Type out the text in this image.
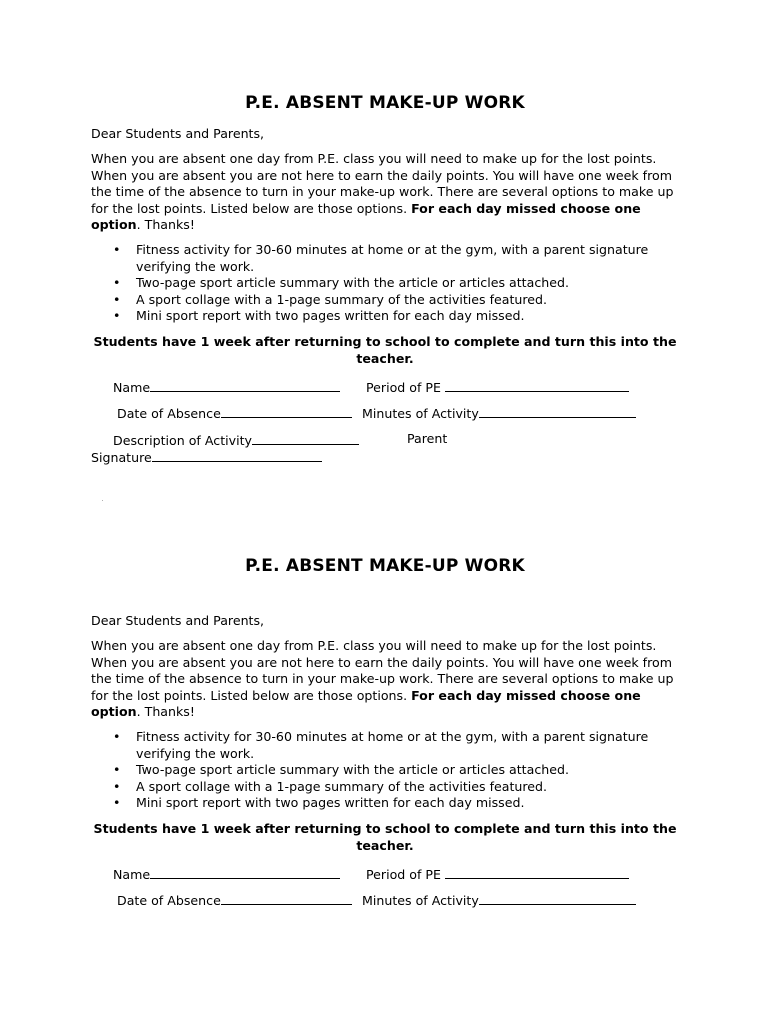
P.E. ABSENT MAKE-UP WORK
Dear Students and Parents,
When you are absent one day from P.E. class you will need to make up for the lost points.
When you are absent you are not here to earn the daily points. You will have one week from
the time of the absence to turn in your make-up work. There are several options to make up
for the lost points. Listed below are those options. For each day missed choose one
option. Thanks!
• Fitness activity for 30-60 minutes at home or at the gym, with a parent signature verifying the work.
• Two-page sport article summary with the article or articles attached.
• A sport collage with a 1-page summary of the activities featured.
• Mini sport report with two pages written for each day missed.
Students have 1 week after returning to school to complete and turn this into the
teacher.
Name	Period of PE
Date of Absence	Minutes of Activity
Description of Activity	Parent
Signature
P.E. ABSENT MAKE-UP WORK
Dear Students and Parents,
When you are absent one day from P.E. class you will need to make up for the lost points.
When you are absent you are not here to earn the daily points. You will have one week from
the time of the absence to turn in your make-up work. There are several options to make up
for the lost points. Listed below are those options. For each day missed choose one
option. Thanks!
• Fitness activity for 30-60 minutes at home or at the gym, with a parent signature verifying the work.
• Two-page sport article summary with the article or articles attached.
• A sport collage with a 1-page summary of the activities featured.
• Mini sport report with two pages written for each day missed.
Students have 1 week after returning to school to complete and turn this into the
teacher.
Name	Period of PE
Date of Absence	Minutes of Activity
